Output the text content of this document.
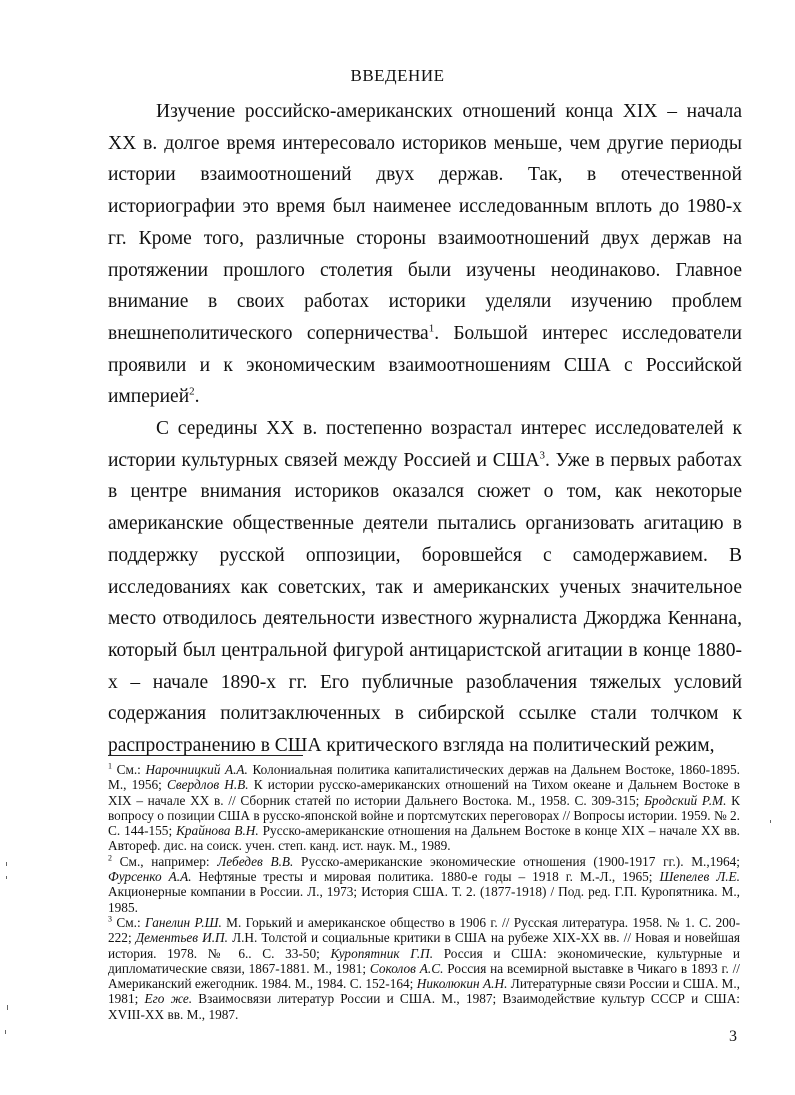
ВВЕДЕНИЕ

Изучение российско-американских отношений конца XIX – начала XX в. долгое время интересовало историков меньше, чем другие периоды истории взаимоотношений двух держав. Так, в отечественной историографии это время был наименее исследованным вплоть до 1980-х гг. Кроме того, различные стороны взаимоотношений двух держав на протяжении прошлого столетия были изучены неодинаково. Главное внимание в своих работах историки уделяли изучению проблем внешнеполитического соперничества$^1$. Большой интерес исследователи проявили и к экономическим взаимоотношениям США с Российской империей$^2$.

С середины XX в. постепенно возрастал интерес исследователей к истории культурных связей между Россией и США$^3$. Уже в первых работах в центре внимания историков оказался сюжет о том, как некоторые американские общественные деятели пытались организовать агитацию в поддержку русской оппозиции, боровшейся с самодержавием. В исследованиях как советских, так и американских ученых значительное место отводилось деятельности известного журналиста Джорджа Кеннана, который был центральной фигурой антицаристской агитации в конце 1880-х – начале 1890-х гг. Его публичные разоблачения тяжелых условий содержания политзаключенных в сибирской ссылке стали толчком к распространению в США критического взгляда на политический режим,

$^1$ См.: Нарочницкий А.А. Колониальная политика капиталистических держав на Дальнем Востоке, 1860-1895. М., 1956; Свердлов Н.В. К истории русско-американских отношений на Тихом океане и Дальнем Востоке в XIX – начале XX в. // Сборник статей по истории Дальнего Востока. М., 1958. С. 309-315; Бродский Р.М. К вопросу о позиции США в русско-японской войне и портсмутских переговорах // Вопросы истории. 1959. № 2. С. 144-155; Крайнова В.Н. Русско-американские отношения на Дальнем Востоке в конце XIX – начале XX вв. Автореф. дис. на соиск. учен. степ. канд. ист. наук. М., 1989.

$^2$ См., например: Лебедев В.В. Русско-американские экономические отношения (1900-1917 гг.). М.,1964; Фурсенко А.А. Нефтяные тресты и мировая политика. 1880-е годы – 1918 г. М.-Л., 1965; Шепелев Л.Е. Акционерные компании в России. Л., 1973; История США. Т. 2. (1877-1918) / Под. ред. Г.П. Куропятника. М., 1985.

$^3$ См.: Ганелин Р.Ш. М. Горький и американское общество в 1906 г. // Русская литература. 1958. № 1. С. 200-222; Дементьев И.П. Л.Н. Толстой и социальные критики в США на рубеже XIX-XX вв. // Новая и новейшая история. 1978. № 6.. С. 33-50; Куропятник Г.П. Россия и США: экономические, культурные и дипломатические связи, 1867-1881. М., 1981; Соколов А.С. Россия на всемирной выставке в Чикаго в 1893 г. // Американский ежегодник. 1984. М., 1984. С. 152-164; Николюкин А.Н. Литературные связи России и США. М., 1981; Его же. Взаимосвязи литератур России и США. М., 1987; Взаимодействие культур СССР и США: XVIII-XX вв. М., 1987.

3
